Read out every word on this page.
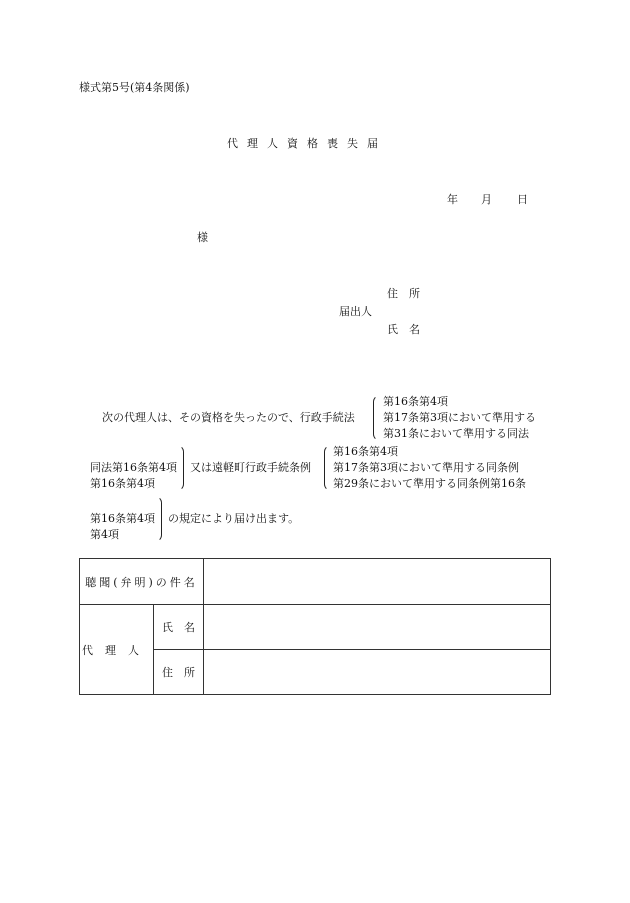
様式第5号(第4条関係)
代理人資格喪失届
年 月 日
様
住　所
届出人
氏　名
次の代理人は、その資格を失ったので、行政手続法
第16条第4項
第17条第3項において準用する
第31条において準用する同法
同法第16条第4項
第16条第4項
又は遠軽町行政手続条例
第16条第4項
第17条第3項において準用する同条例
第29条において準用する同条例第16条
第16条第4項
第4項
の規定により届け出ます。
聴聞(弁明)の件名		
代理人	氏　名	
	住　所	
